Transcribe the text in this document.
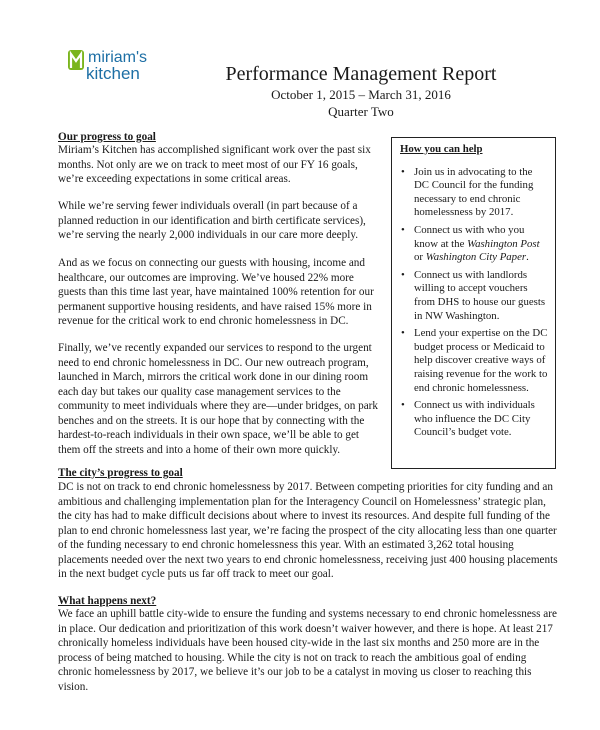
miriam's
kitchen	Performance Management Report
October 1, 2015 – March 31, 2016
Quarter Two
Our progress to goal

Miriam’s Kitchen has accomplished significant work over the past six months. Not only are we on track to meet most of our FY 16 goals, we’re exceeding expectations in some critical areas.

While we’re serving fewer individuals overall (in part because of a planned reduction in our identification and birth certificate services), we’re serving the nearly 2,000 individuals in our care more deeply.

And as we focus on connecting our guests with housing, income and healthcare, our outcomes are improving. We’ve housed 22% more guests than this time last year, have maintained 100% retention for our permanent supportive housing residents, and have raised 15% more in revenue for the critical work to end chronic homelessness in DC.

Finally, we’ve recently expanded our services to respond to the urgent need to end chronic homelessness in DC. Our new outreach program, launched in March, mirrors the critical work done in our dining room each day but takes our quality case management services to the community to meet individuals where they are—under bridges, on park benches and on the streets. It is our hope that by connecting with the hardest-to-reach individuals in their own space, we’ll be able to get them off the streets and into a home of their own more quickly.

How you can help
• Join us in advocating to the DC Council for the funding necessary to end chronic homelessness by 2017.
• Connect us with who you know at the Washington Post or Washington City Paper.
• Connect us with landlords willing to accept vouchers from DHS to house our guests in NW Washington.
• Lend your expertise on the DC budget process or Medicaid to help discover creative ways of raising revenue for the work to end chronic homelessness.
• Connect us with individuals who influence the DC City Council’s budget vote.
The city’s progress to goal

DC is not on track to end chronic homelessness by 2017. Between competing priorities for city funding and an ambitious and challenging implementation plan for the Interagency Council on Homelessness’ strategic plan, the city has had to make difficult decisions about where to invest its resources. And despite full funding of the plan to end chronic homelessness last year, we’re facing the prospect of the city allocating less than one quarter of the funding necessary to end chronic homelessness this year. With an estimated 3,262 total housing placements needed over the next two years to end chronic homelessness, receiving just 400 housing placements in the next budget cycle puts us far off track to meet our goal.

What happens next?

We face an uphill battle city-wide to ensure the funding and systems necessary to end chronic homelessness are in place. Our dedication and prioritization of this work doesn’t waiver however, and there is hope. At least 217 chronically homeless individuals have been housed city-wide in the last six months and 250 more are in the process of being matched to housing. While the city is not on track to reach the ambitious goal of ending chronic homelessness by 2017, we believe it’s our job to be a catalyst in moving us closer to reaching this vision.
